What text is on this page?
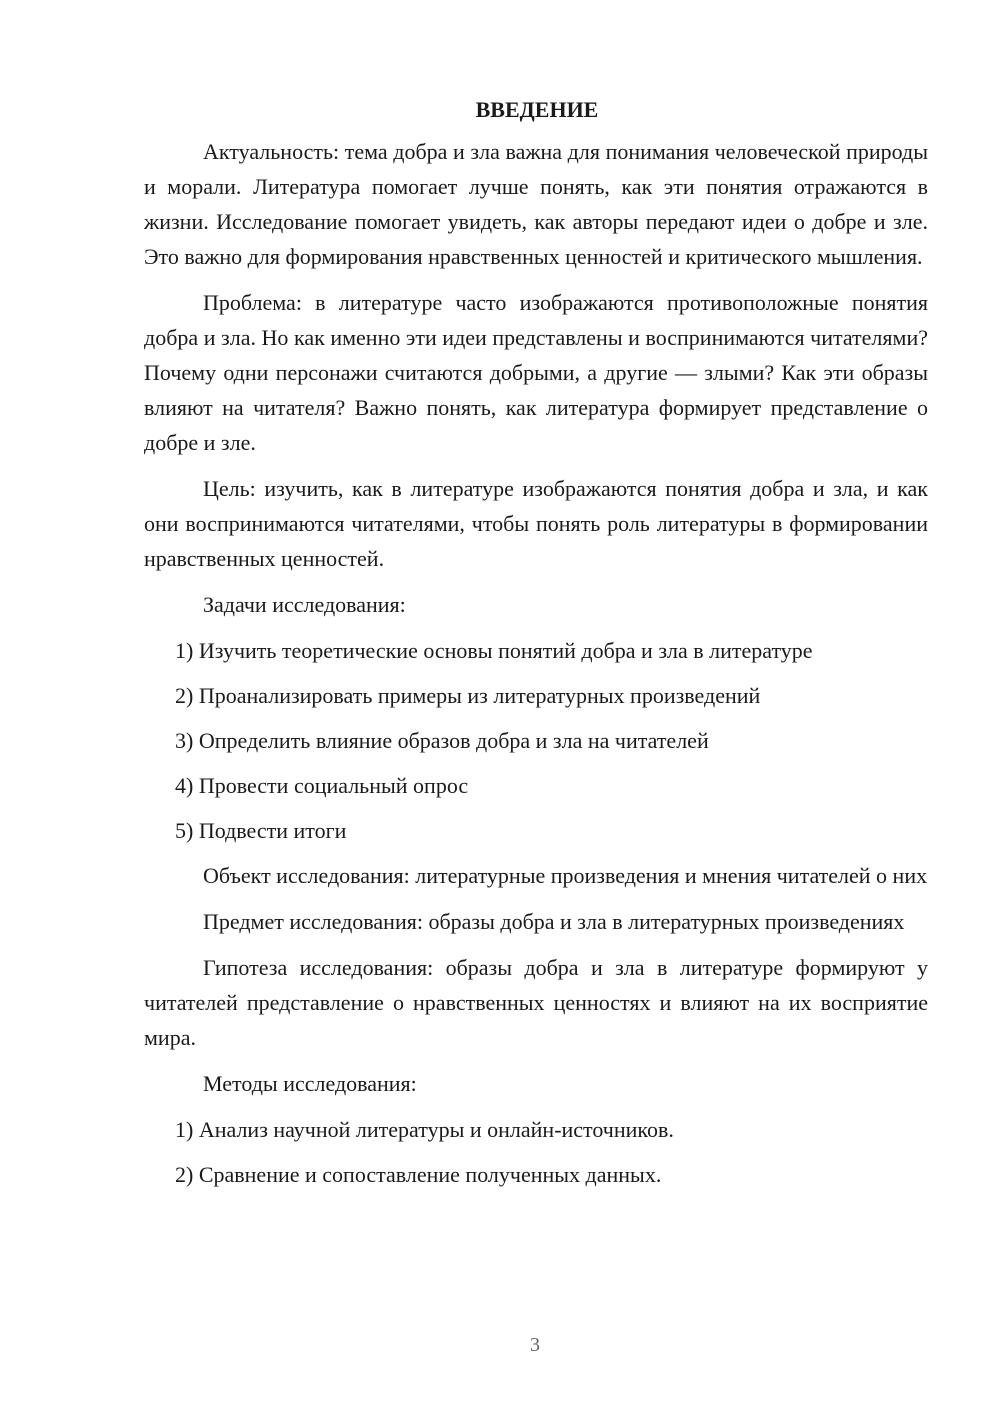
ВВЕДЕНИЕ

Актуальность: тема добра и зла важна для понимания человеческой природы и морали. Литература помогает лучше понять, как эти понятия отражаются в жизни. Исследование помогает увидеть, как авторы передают идеи о добре и зле. Это важно для формирования нравственных ценностей и критического мышления.

Проблема: в литературе часто изображаются противоположные понятия добра и зла. Но как именно эти идеи представлены и воспринимаются читателями? Почему одни персонажи считаются добрыми, а другие — злыми? Как эти образы влияют на читателя? Важно понять, как литература формирует представление о добре и зле.

Цель: изучить, как в литературе изображаются понятия добра и зла, и как они воспринимаются читателями, чтобы понять роль литературы в формировании нравственных ценностей.

Задачи исследования:
1) Изучить теоретические основы понятий добра и зла в литературе
2) Проанализировать примеры из литературных произведений
3) Определить влияние образов добра и зла на читателей
4) Провести социальный опрос
5) Подвести итоги

Объект исследования: литературные произведения и мнения читателей о них

Предмет исследования: образы добра и зла в литературных произведениях

Гипотеза исследования: образы добра и зла в литературе формируют у читателей представление о нравственных ценностях и влияют на их восприятие мира.

Методы исследования:
1) Анализ научной литературы и онлайн-источников.
2) Сравнение и сопоставление полученных данных.
3
